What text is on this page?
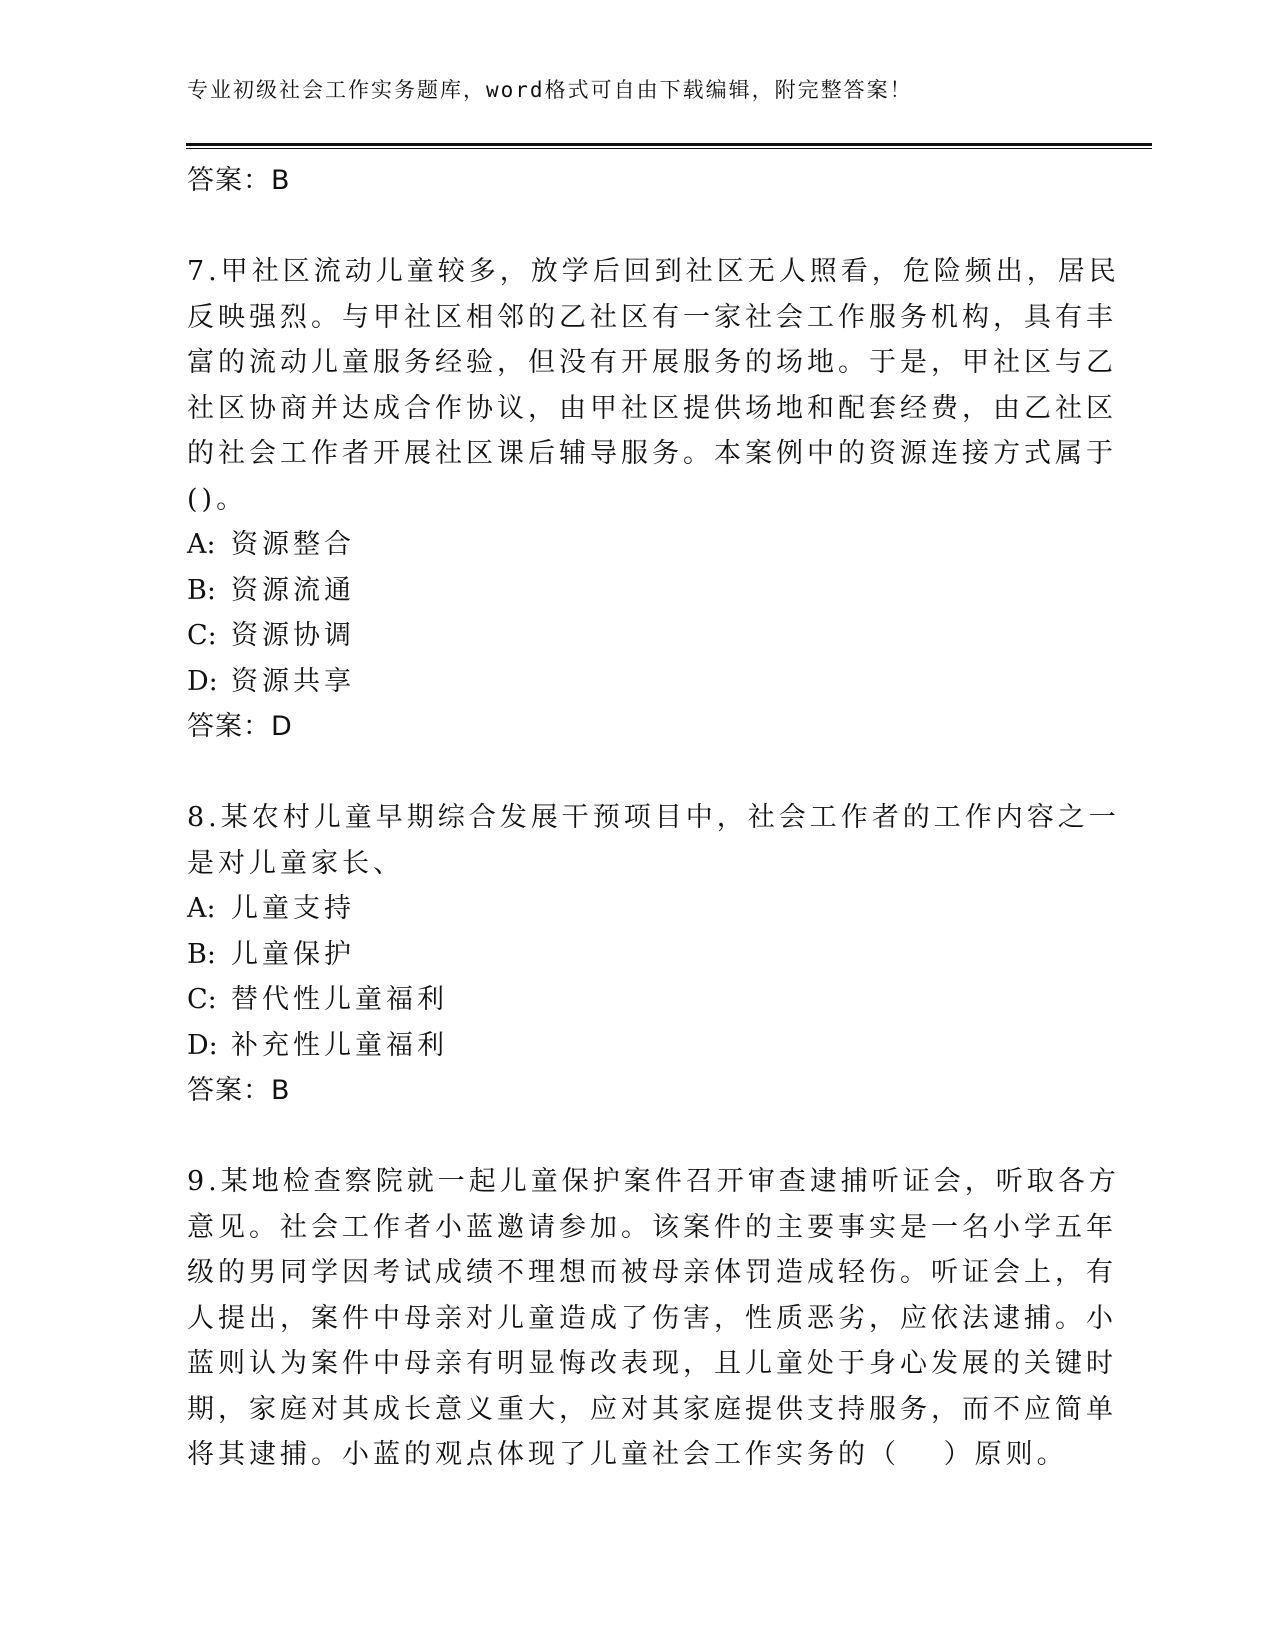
专业初级社会工作实务题库，word格式可自由下载编辑，附完整答案！
答案：B
7.甲社区流动儿童较多，放学后回到社区无人照看，危险频出，居民
反映强烈。与甲社区相邻的乙社区有一家社会工作服务机构，具有丰
富的流动儿童服务经验，但没有开展服务的场地。于是，甲社区与乙
社区协商并达成合作协议，由甲社区提供场地和配套经费，由乙社区
的社会工作者开展社区课后辅导服务。本案例中的资源连接方式属于
()。
A: 资源整合
B: 资源流通
C: 资源协调
D: 资源共享
答案：D
8.某农村儿童早期综合发展干预项目中，社会工作者的工作内容之一
是对儿童家长、
A: 儿童支持
B: 儿童保护
C: 替代性儿童福利
D: 补充性儿童福利
答案：B
9.某地检查察院就一起儿童保护案件召开审查逮捕听证会，听取各方
意见。社会工作者小蓝邀请参加。该案件的主要事实是一名小学五年
级的男同学因考试成绩不理想而被母亲体罚造成轻伤。听证会上，有
人提出，案件中母亲对儿童造成了伤害，性质恶劣，应依法逮捕。小
蓝则认为案件中母亲有明显悔改表现，且儿童处于身心发展的关键时
期，家庭对其成长意义重大，应对其家庭提供支持服务，而不应简单
将其逮捕。小蓝的观点体现了儿童社会工作实务的（　 ）原则。
